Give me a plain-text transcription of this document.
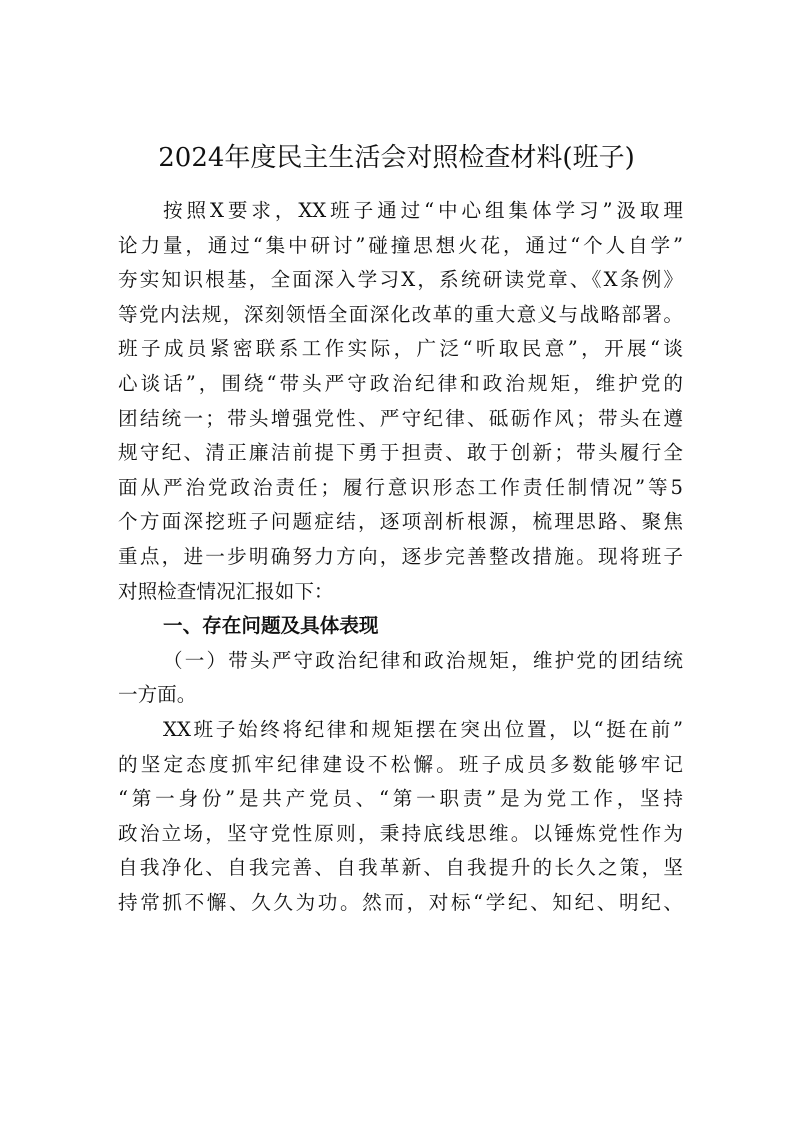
2024年度民主生活会对照检查材料(班子)
按照X要求，XX班子通过“中心组集体学习”汲取理
论力量，通过“集中研讨”碰撞思想火花，通过“个人自学”
夯实知识根基，全面深入学习X，系统研读党章、《X条例》
等党内法规，深刻领悟全面深化改革的重大意义与战略部署。
班子成员紧密联系工作实际，广泛“听取民意”，开展“谈
心谈话”，围绕“带头严守政治纪律和政治规矩，维护党的
团结统一；带头增强党性、严守纪律、砥砺作风；带头在遵
规守纪、清正廉洁前提下勇于担责、敢于创新；带头履行全
面从严治党政治责任；履行意识形态工作责任制情况”等5
个方面深挖班子问题症结，逐项剖析根源，梳理思路、聚焦
重点，进一步明确努力方向，逐步完善整改措施。现将班子
对照检查情况汇报如下：
一、存在问题及具体表现
（一）带头严守政治纪律和政治规矩，维护党的团结统
一方面。
XX班子始终将纪律和规矩摆在突出位置，以“挺在前”
的坚定态度抓牢纪律建设不松懈。班子成员多数能够牢记
“第一身份”是共产党员、“第一职责”是为党工作，坚持
政治立场，坚守党性原则，秉持底线思维。以锤炼党性作为
自我净化、自我完善、自我革新、自我提升的长久之策，坚
持常抓不懈、久久为功。然而，对标“学纪、知纪、明纪、
